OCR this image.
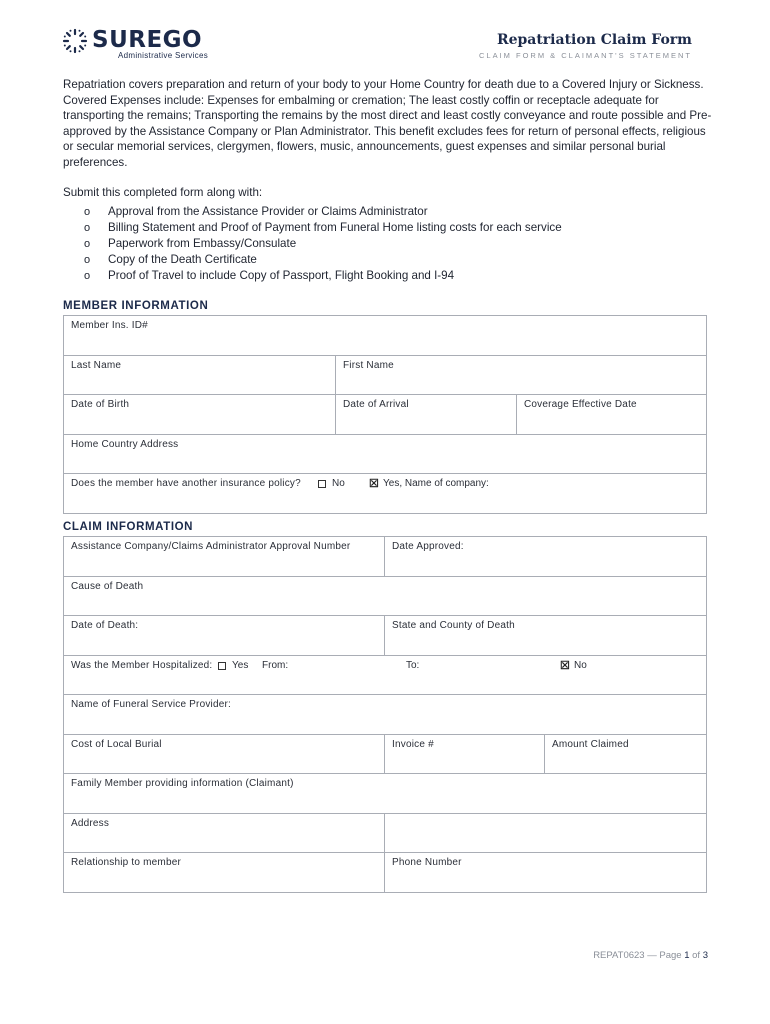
SUREGO
Administrative Services
Repatriation Claim Form
CLAIM FORM & CLAIMANT'S STATEMENT

Repatriation covers preparation and return of your body to your Home Country for death due to a Covered Injury or Sickness. Covered Expenses include: Expenses for embalming or cremation; The least costly coffin or receptacle adequate for transporting the remains; Transporting the remains by the most direct and least costly conveyance and route possible and Pre-approved by the Assistance Company or Plan Administrator. This benefit excludes fees for return of personal effects, religious or secular memorial services, clergymen, flowers, music, announcements, guest expenses and similar personal burial preferences.

Submit this completed form along with:
o Approval from the Assistance Provider or Claims Administrator
o Billing Statement and Proof of Payment from Funeral Home listing costs for each service
o Paperwork from Embassy/Consulate
o Copy of the Death Certificate
o Proof of Travel to include Copy of Passport, Flight Booking and I-94
MEMBER INFORMATION
Member Ins. ID#
Last Name	First Name
Date of Birth	Date of Arrival	Coverage Effective Date
Home Country Address
Does the member have another insurance policy?	No ☒ Yes, Name of company:
CLAIM INFORMATION
Assistance Company/Claims Administrator Approval Number	Date Approved:
Cause of Death
Date of Death:	State and County of Death
Was the Member Hospitalized: Yes From:	To:	☒ No
Name of Funeral Service Provider:
Cost of Local Burial	Invoice #	Amount Claimed
Family Member providing information (Claimant)
Address
Relationship to member	Phone Number
REPAT0623 — Page 1 of 3
